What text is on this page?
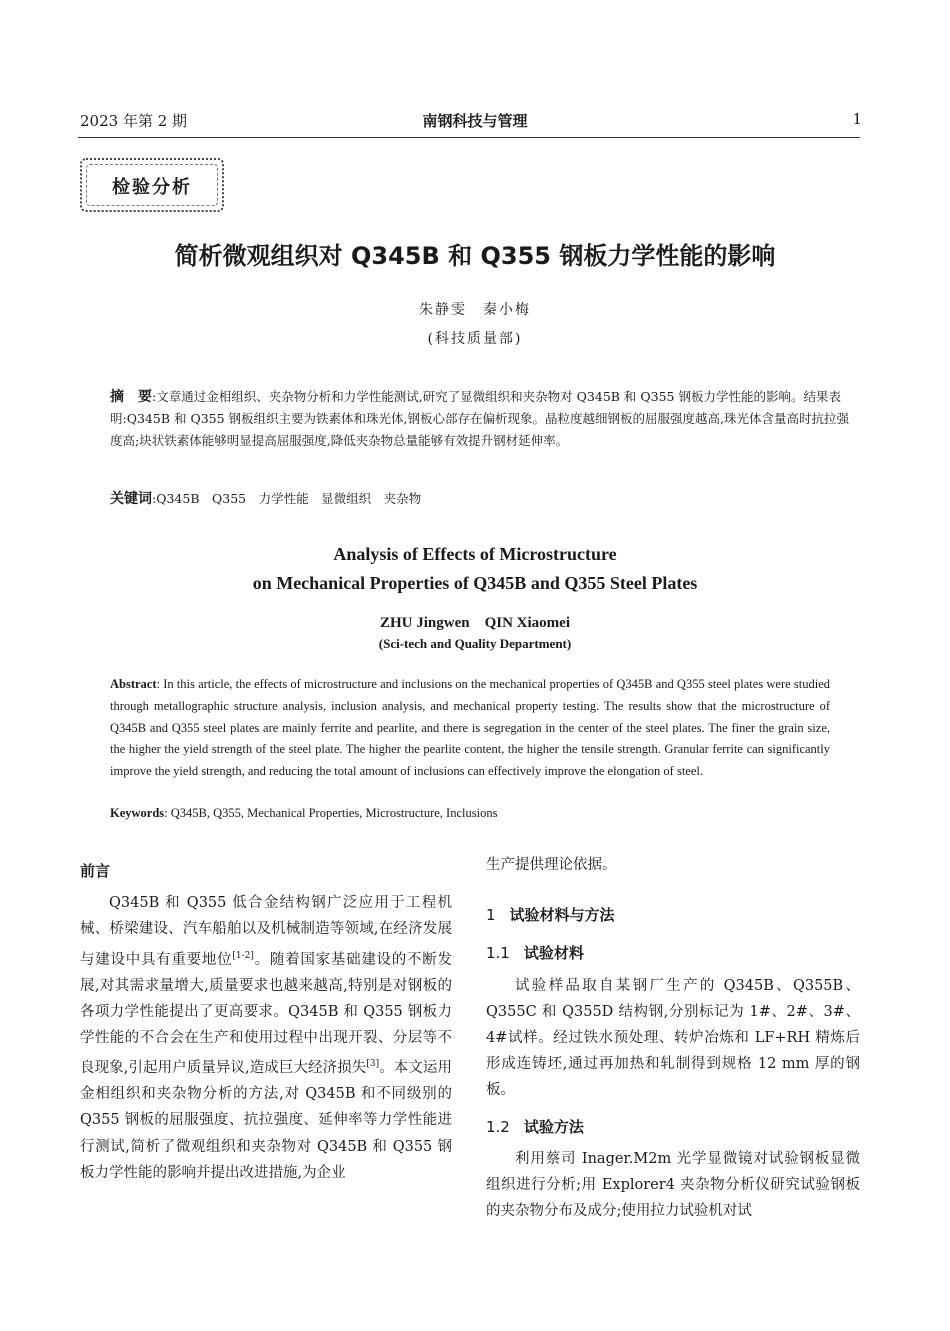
2023 年第 2 期	南钢科技与管理	1
检验分析
简析微观组织对 Q345B 和 Q355 钢板力学性能的影响
朱静雯　秦小梅
(科技质量部)
摘　要:文章通过金相组织、夹杂物分析和力学性能测试,研究了显微组织和夹杂物对 Q345B 和 Q355 钢板力学性能的影响。结果表明:Q345B 和 Q355 钢板组织主要为铁素体和珠光体,钢板心部存在偏析现象。晶粒度越细钢板的屈服强度越高,珠光体含量高时抗拉强度高;块状铁素体能够明显提高屈服强度,降低夹杂物总量能够有效提升钢材延伸率。
关键词:Q345B　Q355　力学性能　显微组织　夹杂物
Analysis of Effects of Microstructure
on Mechanical Properties of Q345B and Q355 Steel Plates
ZHU Jingwen　QIN Xiaomei
(Sci-tech and Quality Department)
Abstract: In this article, the effects of microstructure and inclusions on the mechanical properties of Q345B and Q355 steel plates were studied through metallographic structure analysis, inclusion analysis, and mechanical property testing. The results show that the microstructure of Q345B and Q355 steel plates are mainly ferrite and pearlite, and there is segregation in the center of the steel plates. The finer the grain size, the higher the yield strength of the steel plate. The higher the pearlite content, the higher the tensile strength. Granular ferrite can significantly improve the yield strength, and reducing the total amount of inclusions can effectively improve the elongation of steel.
Keywords: Q345B, Q355, Mechanical Properties, Microstructure, Inclusions
前言

Q345B 和 Q355 低合金结构钢广泛应用于工程机械、桥梁建设、汽车船舶以及机械制造等领域,在经济发展与建设中具有重要地位[1-2]。随着国家基础建设的不断发展,对其需求量增大,质量要求也越来越高,特别是对钢板的各项力学性能提出了更高要求。Q345B 和 Q355 钢板力学性能的不合会在生产和使用过程中出现开裂、分层等不良现象,引起用户质量异议,造成巨大经济损失[3]。本文运用金相组织和夹杂物分析的方法,对 Q345B 和不同级别的 Q355 钢板的屈服强度、抗拉强度、延伸率等力学性能进行测试,简析了微观组织和夹杂物对 Q345B 和 Q355 钢板力学性能的影响并提出改进措施,为企业

生产提供理论依据。
1 试验材料与方法
1.1 试验材料

试验样品取自某钢厂生产的 Q345B、Q355B、Q355C 和 Q355D 结构钢,分别标记为 1#、2#、3#、4#试样。经过铁水预处理、转炉冶炼和 LF+RH 精炼后形成连铸坯,通过再加热和轧制得到规格 12 mm 厚的钢板。

1.2 试验方法

利用蔡司 Inager.M2m 光学显微镜对试验钢板显微组织进行分析;用 Explorer4 夹杂物分析仪研究试验钢板的夹杂物分布及成分;使用拉力试验机对试
